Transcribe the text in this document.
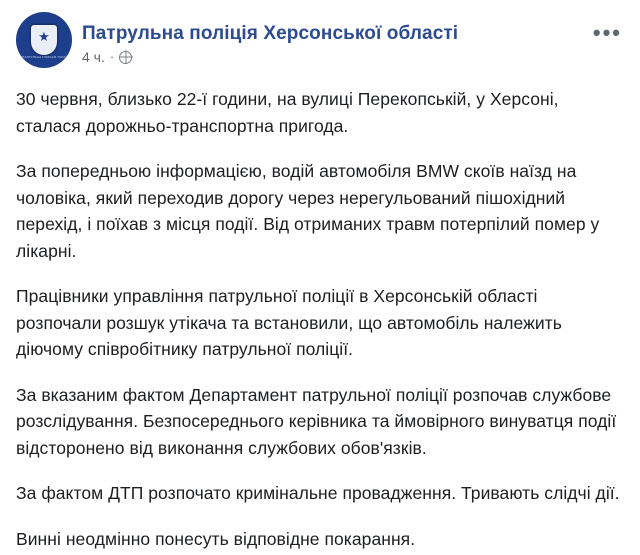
★
ПАТРУЛЬНА ПОЛІЦІЯ УКРАЇНИ
Патрульна поліція Херсонської області
4 ч. ·
•••

30 червня, близько 22-ї години, на вулиці Перекопській, у Херсоні, сталася дорожньо-транспортна пригода.

За попередньою інформацією, водій автомобіля BMW скоїв наїзд на чоловіка, який переходив дорогу через нерегульований пішохідний перехід, і поїхав з місця події. Від отриманих травм потерпілий помер у лікарні.

Працівники управління патрульної поліції в Херсонській області розпочали розшук утікача та встановили, що автомобіль належить діючому співробітнику патрульної поліції.

За вказаним фактом Департамент патрульної поліції розпочав службове розслідування. Безпосереднього керівника та ймовірного винуватця події відсторонено від виконання службових обов'язків.

За фактом ДТП розпочато кримінальне провадження. Тривають слідчі дії.

Винні неодмінно понесуть відповідне покарання.
